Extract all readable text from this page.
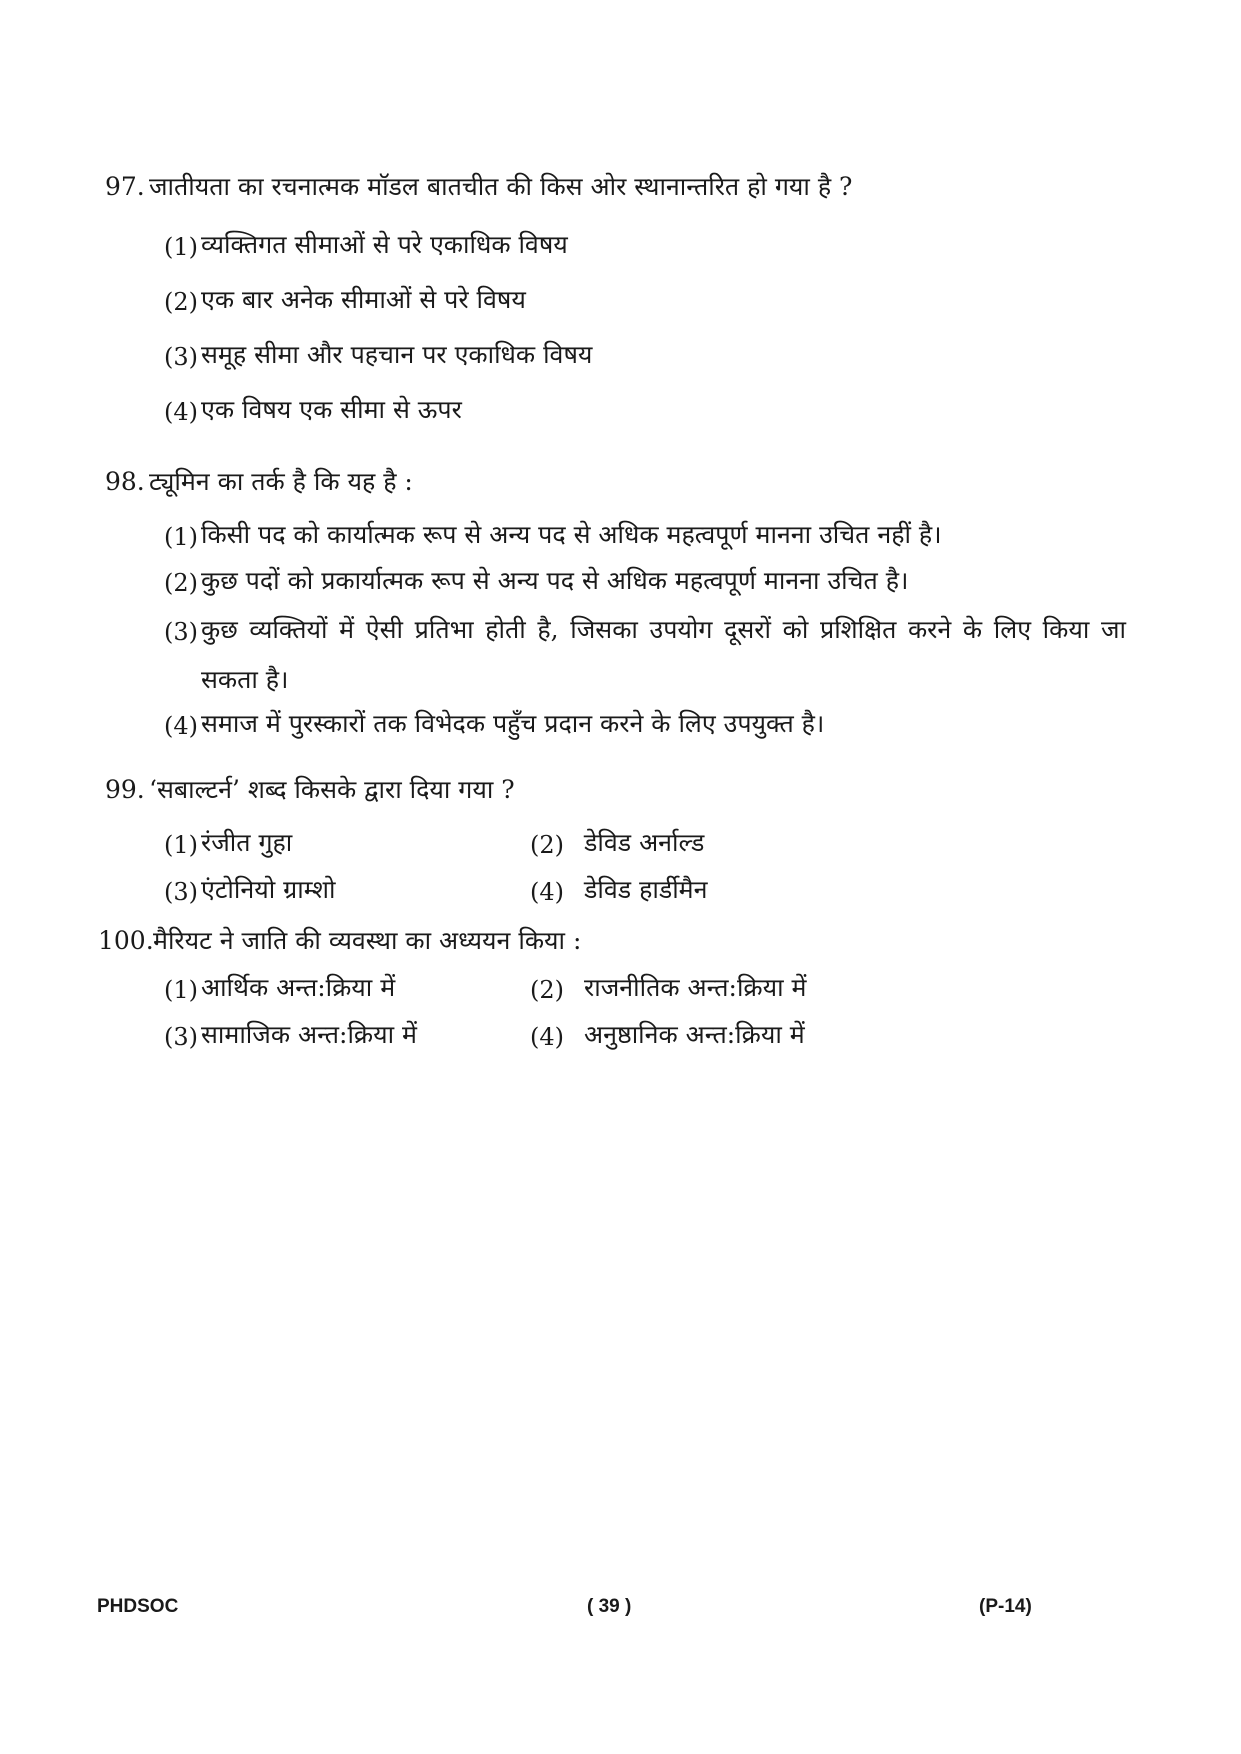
97. जातीयता का रचनात्मक मॉडल बातचीत की किस ओर स्थानान्तरित हो गया है ?
(1) व्यक्तिगत सीमाओं से परे एकाधिक विषय
(2) एक बार अनेक सीमाओं से परे विषय
(3) समूह सीमा और पहचान पर एकाधिक विषय
(4) एक विषय एक सीमा से ऊपर
98. ट्यूमिन का तर्क है कि यह है :
(1) किसी पद को कार्यात्मक रूप से अन्य पद से अधिक महत्वपूर्ण मानना उचित नहीं है।
(2) कुछ पदों को प्रकार्यात्मक रूप से अन्य पद से अधिक महत्वपूर्ण मानना उचित है।
(3) कुछ व्यक्तियों में ऐसी प्रतिभा होती है, जिसका उपयोग दूसरों को प्रशिक्षित करने के लिए किया जा सकता है।
(4) समाज में पुरस्कारों तक विभेदक पहुँच प्रदान करने के लिए उपयुक्त है।
99. ‘सबाल्टर्न’ शब्द किसके द्वारा दिया गया ?
(1) रंजीत गुहा	(2) डेविड अर्नाल्ड
(3) एंटोनियो ग्राम्शो	(4) डेविड हार्डीमैन
100. मैरियट ने जाति की व्यवस्था का अध्ययन किया :
(1) आर्थिक अन्त:क्रिया में	(2) राजनीतिक अन्त:क्रिया में
(3) सामाजिक अन्त:क्रिया में	(4) अनुष्ठानिक अन्त:क्रिया में
PHDSOC	( 39 )	(P-14)
